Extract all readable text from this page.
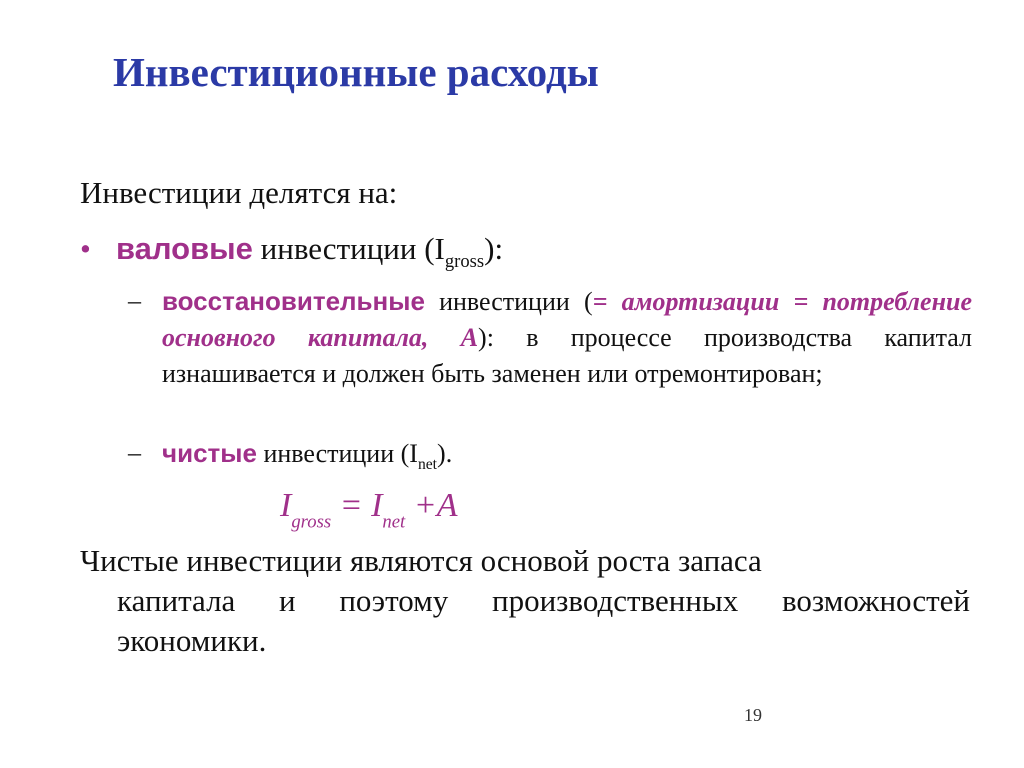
Инвестиционные расходы
Инвестиции делятся на:
• валовые инвестиции $(I_{gross})$:
– восстановительные инвестиции (= амортизации = потребление основного капитала, А): в процессе производства капитал изнашивается и должен быть заменен или отремонтирован;
– чистые инвестиции $(I_{net})$.
$I_{gross} = I_{net} +A$
Чистые инвестиции являются основой роста запаса
капитала и поэтому производственных возможностей экономики.
19
